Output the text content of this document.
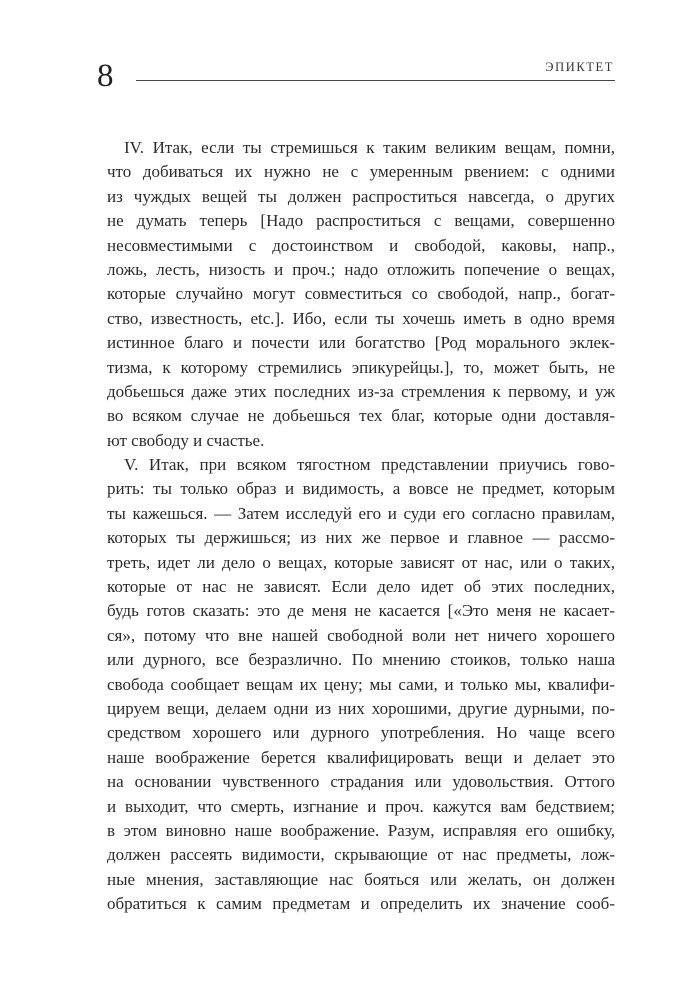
8	ЭПИКТЕТ
IV. Итак, если ты стремишься к таким великим вещам, помни,
что добиваться их нужно не с умеренным рвением: с одними
из чуждых вещей ты должен распроститься навсегда, о других
не думать теперь [Надо распроститься с вещами, совершенно
несовместимыми с достоинством и свободой, каковы, напр.,
ложь, лесть, низость и проч.; надо отложить попечение о вещах,
которые случайно могут совместиться со свободой, напр., богат-
ство, известность, etc.]. Ибо, если ты хочешь иметь в одно время
истинное благо и почести или богатство [Род морального эклек-
тизма, к которому стремились эпикурейцы.], то, может быть, не
добьешься даже этих последних из-за стремления к первому, и уж
во всяком случае не добьешься тех благ, которые одни доставля-
ют свободу и счастье.
V. Итак, при всяком тягостном представлении приучись гово-
рить: ты только образ и видимость, а вовсе не предмет, которым
ты кажешься. — Затем исследуй его и суди его согласно правилам,
которых ты держишься; из них же первое и главное — рассмо-
треть, идет ли дело о вещах, которые зависят от нас, или о таких,
которые от нас не зависят. Если дело идет об этих последних,
будь готов сказать: это де меня не касается [«Это меня не касает-
ся», потому что вне нашей свободной воли нет ничего хорошего
или дурного, все безразлично. По мнению стоиков, только наша
свобода сообщает вещам их цену; мы сами, и только мы, квалифи-
цируем вещи, делаем одни из них хорошими, другие дурными, по-
средством хорошего или дурного употребления. Но чаще всего
наше воображение берется квалифицировать вещи и делает это
на основании чувственного страдания или удовольствия. Оттого
и выходит, что смерть, изгнание и проч. кажутся вам бедствием;
в этом виновно наше воображение. Разум, исправляя его ошибку,
должен рассеять видимости, скрывающие от нас предметы, лож-
ные мнения, заставляющие нас бояться или желать, он должен
обратиться к самим предметам и определить их значение сооб-
